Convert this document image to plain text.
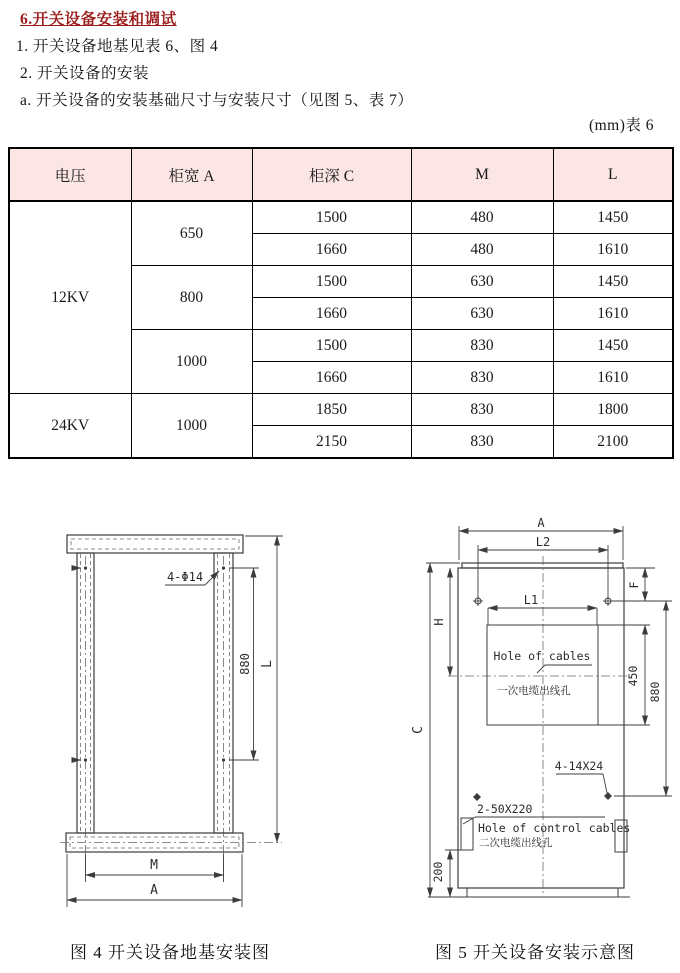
6.开关设备安装和调试
1. 开关设备地基见表 6、图 4
2. 开关设备的安装
a. 开关设备的安装基础尺寸与安装尺寸（见图 5、表 7）
(mm)表 6
电压	柜宽 A	柜深 C	M	L
12KV	650	1500	480	1450
		1660	480	1610
	800	1500	630	1450
		1660	630	1610
	1000	1500	830	1450
		1660	830	1610
24KV	1000	1850	830	1800
		2150	830	2100
4-Φ14
880 L
M
A
Hole of cables
一次电缆出线孔
A
L2
L1
H
C
F
450
880
200
4-14X24
2-50X220
Hole of control cables
二次电缆出线孔
图 4 开关设备地基安装图	图 5 开关设备安装示意图
